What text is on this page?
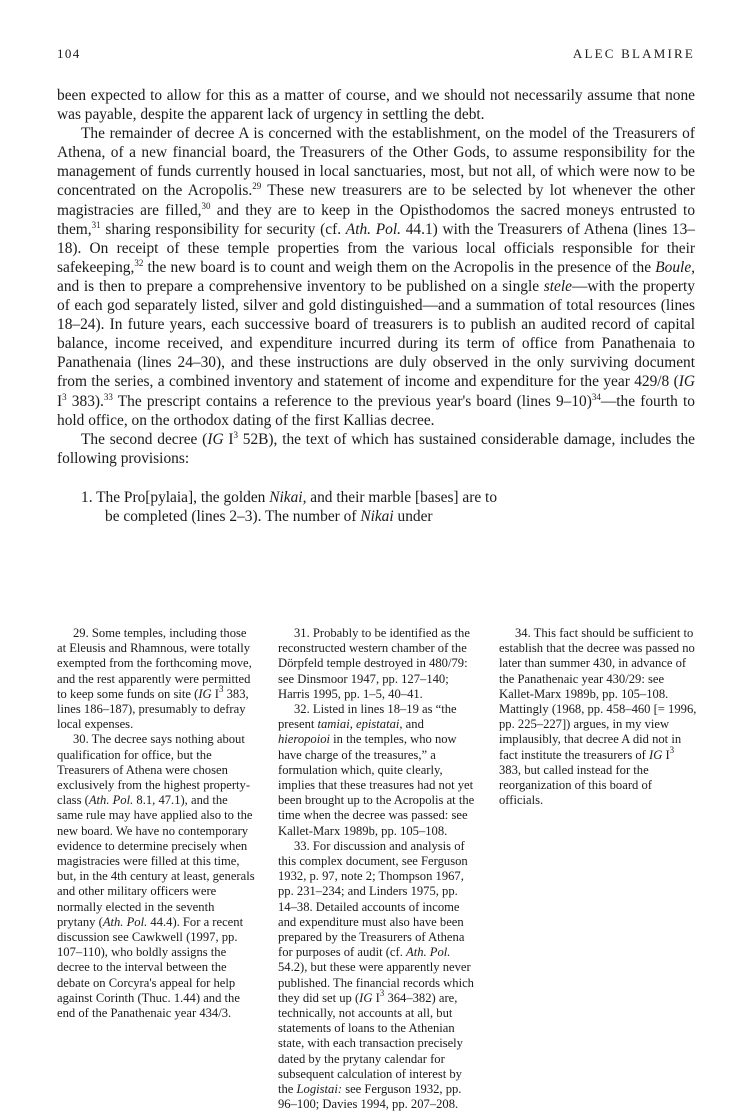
104	ALEC BLAMIRE

been expected to allow for this as a matter of course, and we should not necessarily assume that none was payable, despite the apparent lack of urgency in settling the debt.

The remainder of decree A is concerned with the establishment, on the model of the Treasurers of Athena, of a new financial board, the Treasurers of the Other Gods, to assume responsibility for the management of funds currently housed in local sanctuaries, most, but not all, of which were now to be concentrated on the Acropolis.$^{29}$ These new treasurers are to be selected by lot whenever the other magistracies are filled,$^{30}$ and they are to keep in the Opisthodomos the sacred moneys entrusted to them,$^{31}$ sharing responsibility for security (cf. Ath. Pol. 44.1) with the Treasurers of Athena (lines 13–18). On receipt of these temple properties from the various local officials responsible for their safekeeping,$^{32}$ the new board is to count and weigh them on the Acropolis in the presence of the Boule, and is then to prepare a comprehensive inventory to be published on a single stele—with the property of each god separately listed, silver and gold distinguished—and a summation of total resources (lines 18–24). In future years, each successive board of treasurers is to publish an audited record of capital balance, income received, and expenditure incurred during its term of office from Panathenaia to Panathenaia (lines 24–30), and these instructions are duly observed in the only surviving document from the series, a combined inventory and statement of income and expenditure for the year 429/8 (IG $I^3$ 383).$^{33}$ The prescript contains a reference to the previous year's board (lines 9–10)$^{34}$—the fourth to hold office, on the orthodox dating of the first Kallias decree.

The second decree (IG $I^3$ 52B), the text of which has sustained considerable damage, includes the following provisions:

1. The Pro[pylaia], the golden Nikai, and their marble [bases] are to be completed (lines 2–3). The number of Nikai under

29. Some temples, including those at Eleusis and Rhamnous, were totally exempted from the forthcoming move, and the rest apparently were permitted to keep some funds on site (IG $I^3$ 383, lines 186–187), presumably to defray local expenses.

30. The decree says nothing about qualification for office, but the Treasurers of Athena were chosen exclusively from the highest property-class (Ath. Pol. 8.1, 47.1), and the same rule may have applied also to the new board. We have no contemporary evidence to determine precisely when magistracies were filled at this time, but, in the 4th century at least, generals and other military officers were normally elected in the seventh prytany (Ath. Pol. 44.4). For a recent discussion see Cawkwell (1997, pp. 107–110), who boldly assigns the decree to the interval between the debate on Corcyra's appeal for help against Corinth (Thuc. 1.44) and the end of the Panathenaic year 434/3.

31. Probably to be identified as the reconstructed western chamber of the Dörpfeld temple destroyed in 480/79: see Dinsmoor 1947, pp. 127–140; Harris 1995, pp. 1–5, 40–41.

32. Listed in lines 18–19 as “the present tamiai, epistatai, and hieropoioi in the temples, who now have charge of the treasures,” a formulation which, quite clearly, implies that these treasures had not yet been brought up to the Acropolis at the time when the decree was passed: see Kallet-Marx 1989b, pp. 105–108.

33. For discussion and analysis of this complex document, see Ferguson 1932, p. 97, note 2; Thompson 1967, pp. 231–234; and Linders 1975, pp. 14–38. Detailed accounts of income and expenditure must also have been prepared by the Treasurers of Athena for purposes of audit (cf. Ath. Pol. 54.2), but these were apparently never published. The financial records which they did set up (IG $I^3$ 364–382) are, technically, not accounts at all, but statements of loans to the Athenian state, with each transaction precisely dated by the prytany calendar for subsequent calculation of interest by the Logistai: see Ferguson 1932, pp. 96–100; Davies 1994, pp. 207–208.

34. This fact should be sufficient to establish that the decree was passed no later than summer 430, in advance of the Panathenaic year 430/29: see Kallet-Marx 1989b, pp. 105–108. Mattingly (1968, pp. 458–460 [= 1996, pp. 225–227]) argues, in my view implausibly, that decree A did not in fact institute the treasurers of IG $I^3$ 383, but called instead for the reorganization of this board of officials.
